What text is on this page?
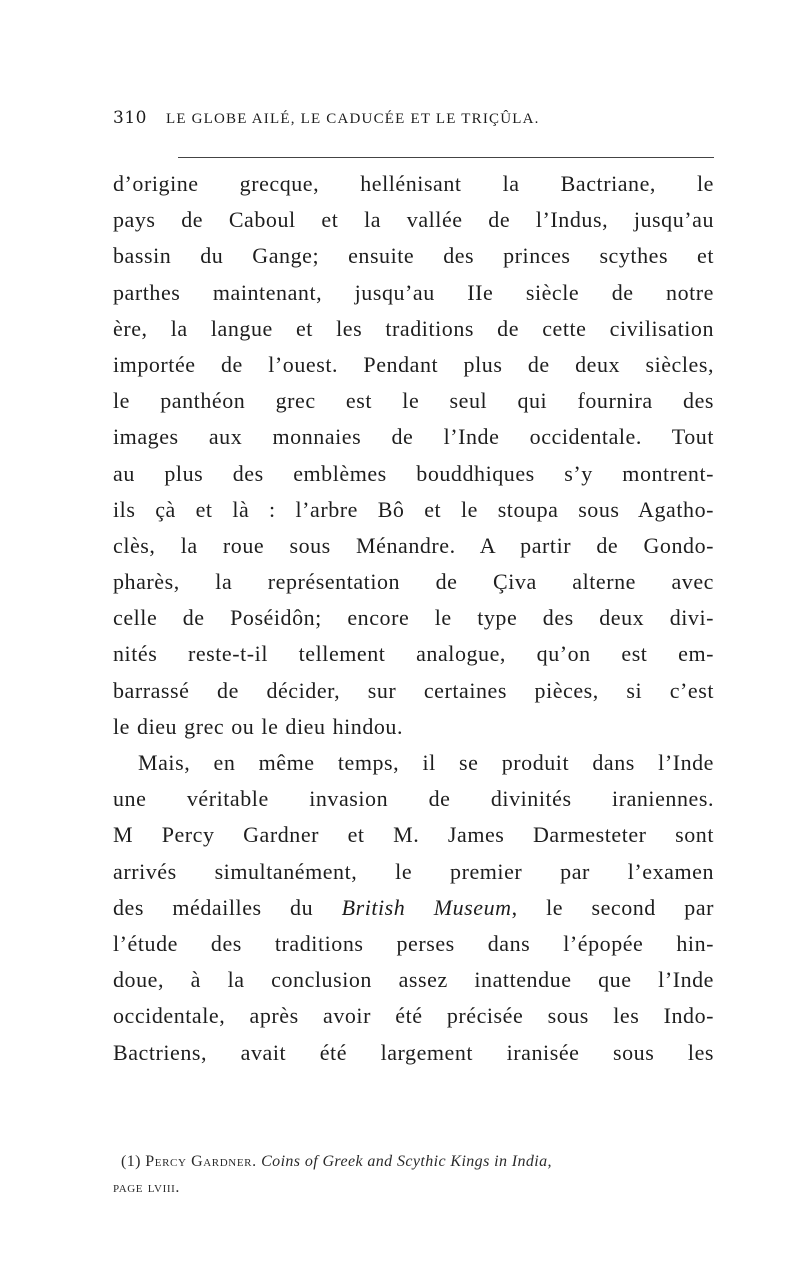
310 LE GLOBE AILÉ, LE CADUCÉE ET LE TRIÇÛLA.
d’origine grecque, hellénisant la Bactriane, le
pays de Caboul et la vallée de l’Indus, jusqu’au
bassin du Gange; ensuite des princes scythes et
parthes maintenant, jusqu’au IIe siècle de notre
ère, la langue et les traditions de cette civilisation
importée de l’ouest. Pendant plus de deux siècles,
le panthéon grec est le seul qui fournira des
images aux monnaies de l’Inde occidentale. Tout
au plus des emblèmes bouddhiques s’y montrent-
ils çà et là : l’arbre Bô et le stoupa sous Agatho-
clès, la roue sous Ménandre. A partir de Gondo-
pharès, la représentation de Çiva alterne avec
celle de Poséidôn; encore le type des deux divi-
nités reste-t-il tellement analogue, qu’on est em-
barrassé de décider, sur certaines pièces, si c’est
le dieu grec ou le dieu hindou.
Mais, en même temps, il se produit dans l’Inde
une véritable invasion de divinités iraniennes.
M Percy Gardner et M. James Darmesteter sont
arrivés simultanément, le premier par l’examen
des médailles du British Museum, le second par
l’étude des traditions perses dans l’épopée hin-
doue, à la conclusion assez inattendue que l’Inde
occidentale, après avoir été précisée sous les Indo-
Bactriens, avait été largement iranisée sous les
(1) Percy Gardner. Coins of Greek and Scythic Kings in India,
page lviii.
